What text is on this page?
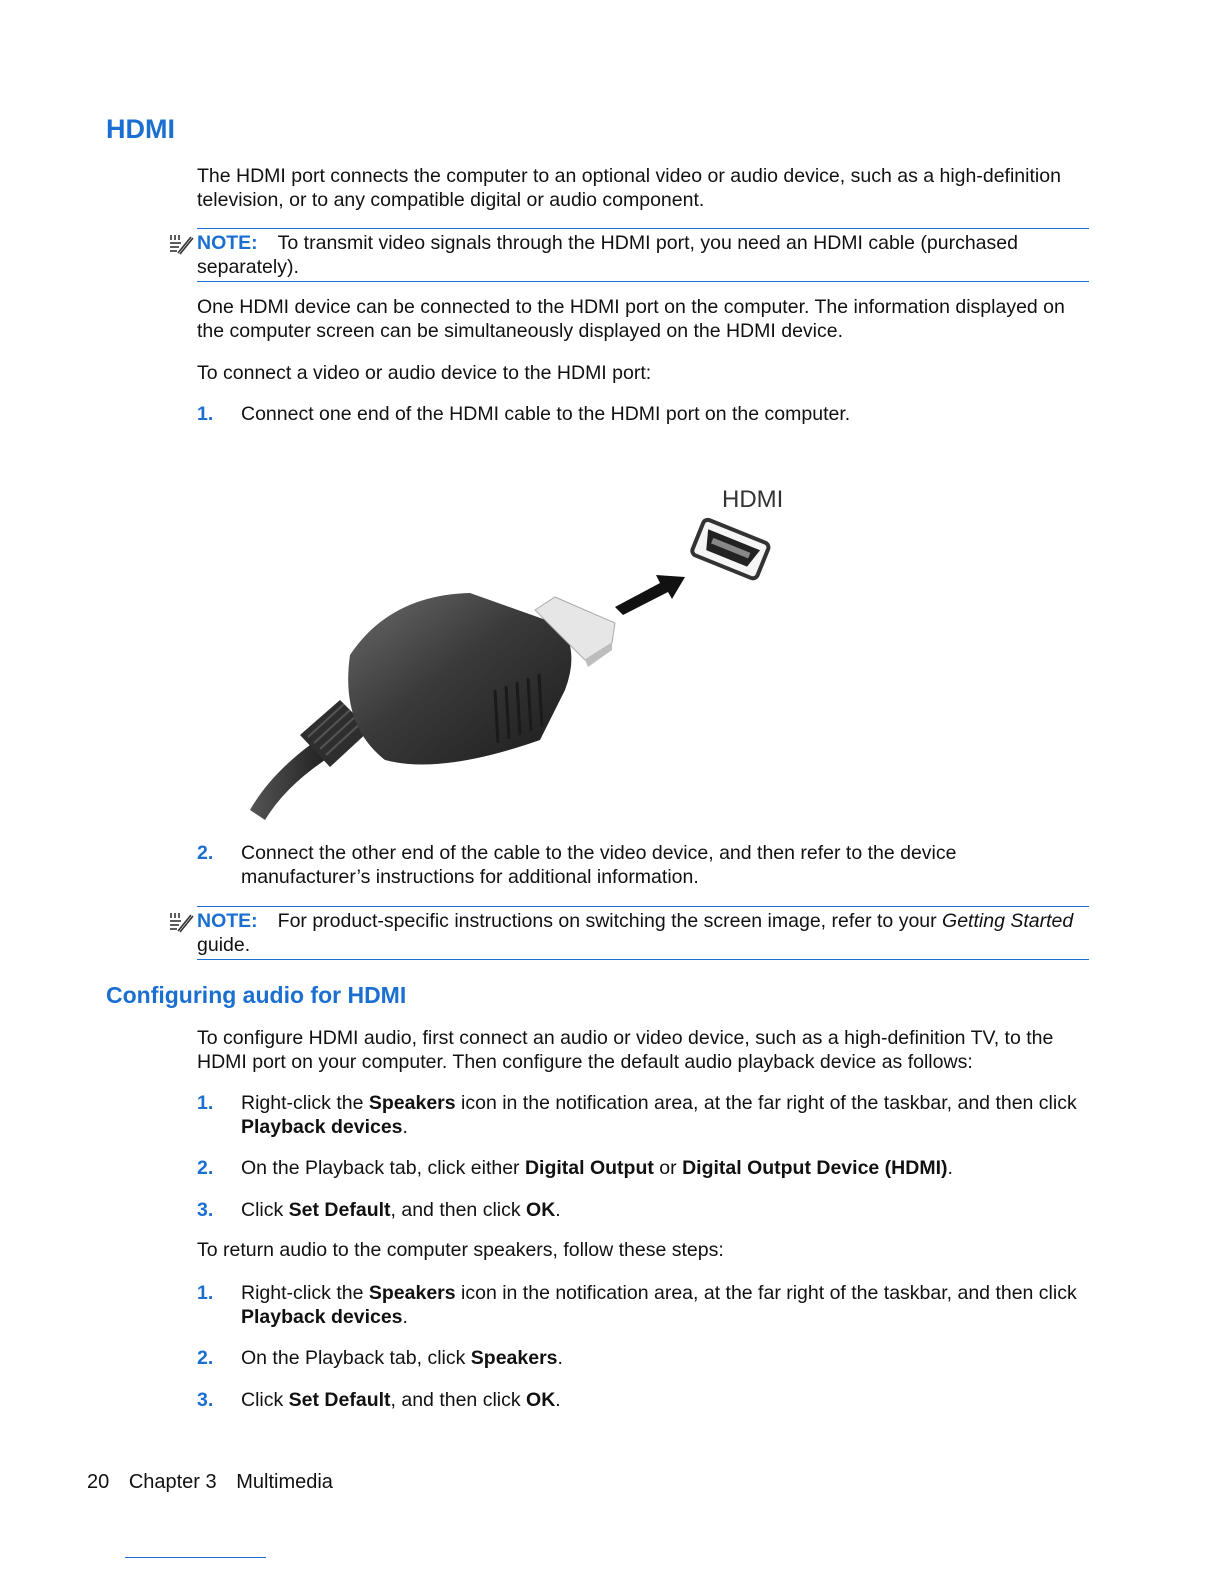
HDMI

The HDMI port connects the computer to an optional video or audio device, such as a high-definition television, or to any compatible digital or audio component.

NOTE: To transmit video signals through the HDMI port, you need an HDMI cable (purchased separately).

One HDMI device can be connected to the HDMI port on the computer. The information displayed on the computer screen can be simultaneously displayed on the HDMI device.

To connect a video or audio device to the HDMI port:

1. Connect one end of the HDMI cable to the HDMI port on the computer.
HDMI
2. Connect the other end of the cable to the video device, and then refer to the device manufacturer’s instructions for additional information.
NOTE: For product-specific instructions on switching the screen image, refer to your Getting Started guide.
Configuring audio for HDMI

To configure HDMI audio, first connect an audio or video device, such as a high-definition TV, to the HDMI port on your computer. Then configure the default audio playback device as follows:

1. Right-click the Speakers icon in the notification area, at the far right of the taskbar, and then click Playback devices.
2. On the Playback tab, click either Digital Output or Digital Output Device (HDMI).
3. Click Set Default, and then click OK.

To return audio to the computer speakers, follow these steps:

1. Right-click the Speakers icon in the notification area, at the far right of the taskbar, and then click Playback devices.
2. On the Playback tab, click Speakers.
3. Click Set Default, and then click OK.
20 Chapter 3 Multimedia
